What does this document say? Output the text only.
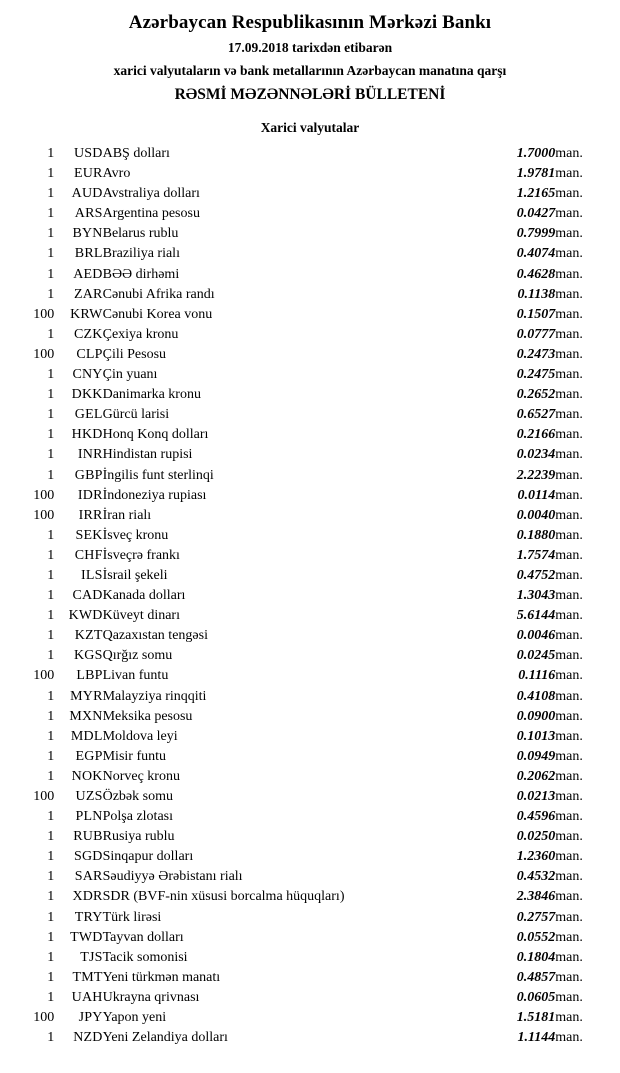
Azərbaycan Respublikasının Mərkəzi Bankı
17.09.2018 tarixdən etibarən
xarici valyutaların və bank metallarının Azərbaycan manatına qarşı
RƏSMİ MƏZƏNNƏLƏRİ BÜLLETENİ
Xarici valyutalar
1	USD	ABŞ dolları	1.7000	man.
1	EUR	Avro	1.9781	man.
1	AUD	Avstraliya dolları	1.2165	man.
1	ARS	Argentina pesosu	0.0427	man.
1	BYN	Belarus rublu	0.7999	man.
1	BRL	Braziliya rialı	0.4074	man.
1	AED	BƏƏ dirhəmi	0.4628	man.
1	ZAR	Cənubi Afrika randı	0.1138	man.
100	KRW	Cənubi Korea vonu	0.1507	man.
1	CZK	Çexiya kronu	0.0777	man.
100	CLP	Çili Pesosu	0.2473	man.
1	CNY	Çin yuanı	0.2475	man.
1	DKK	Danimarka kronu	0.2652	man.
1	GEL	Gürcü larisi	0.6527	man.
1	HKD	Honq Konq dolları	0.2166	man.
1	INR	Hindistan rupisi	0.0234	man.
1	GBP	İngilis funt sterlinqi	2.2239	man.
100	IDR	İndoneziya rupiası	0.0114	man.
100	IRR	İran rialı	0.0040	man.
1	SEK	İsveç kronu	0.1880	man.
1	CHF	İsveçrə frankı	1.7574	man.
1	ILS	İsrail şekeli	0.4752	man.
1	CAD	Kanada dolları	1.3043	man.
1	KWD	Küveyt dinarı	5.6144	man.
1	KZT	Qazaxıstan tengəsi	0.0046	man.
1	KGS	Qırğız somu	0.0245	man.
100	LBP	Livan funtu	0.1116	man.
1	MYR	Malayziya rinqqiti	0.4108	man.
1	MXN	Meksika pesosu	0.0900	man.
1	MDL	Moldova leyi	0.1013	man.
1	EGP	Misir funtu	0.0949	man.
1	NOK	Norveç kronu	0.2062	man.
100	UZS	Özbək somu	0.0213	man.
1	PLN	Polşa zlotası	0.4596	man.
1	RUB	Rusiya rublu	0.0250	man.
1	SGD	Sinqapur dolları	1.2360	man.
1	SAR	Səudiyyə Ərəbistanı rialı	0.4532	man.
1	XDR	SDR (BVF-nin xüsusi borcalma hüquqları)	2.3846	man.
1	TRY	Türk lirəsi	0.2757	man.
1	TWD	Tayvan dolları	0.0552	man.
1	TJS	Tacik somonisi	0.1804	man.
1	TMT	Yeni türkmən manatı	0.4857	man.
1	UAH	Ukrayna qrivnası	0.0605	man.
100	JPY	Yapon yeni	1.5181	man.
1	NZD	Yeni Zelandiya dolları	1.1144	man.
